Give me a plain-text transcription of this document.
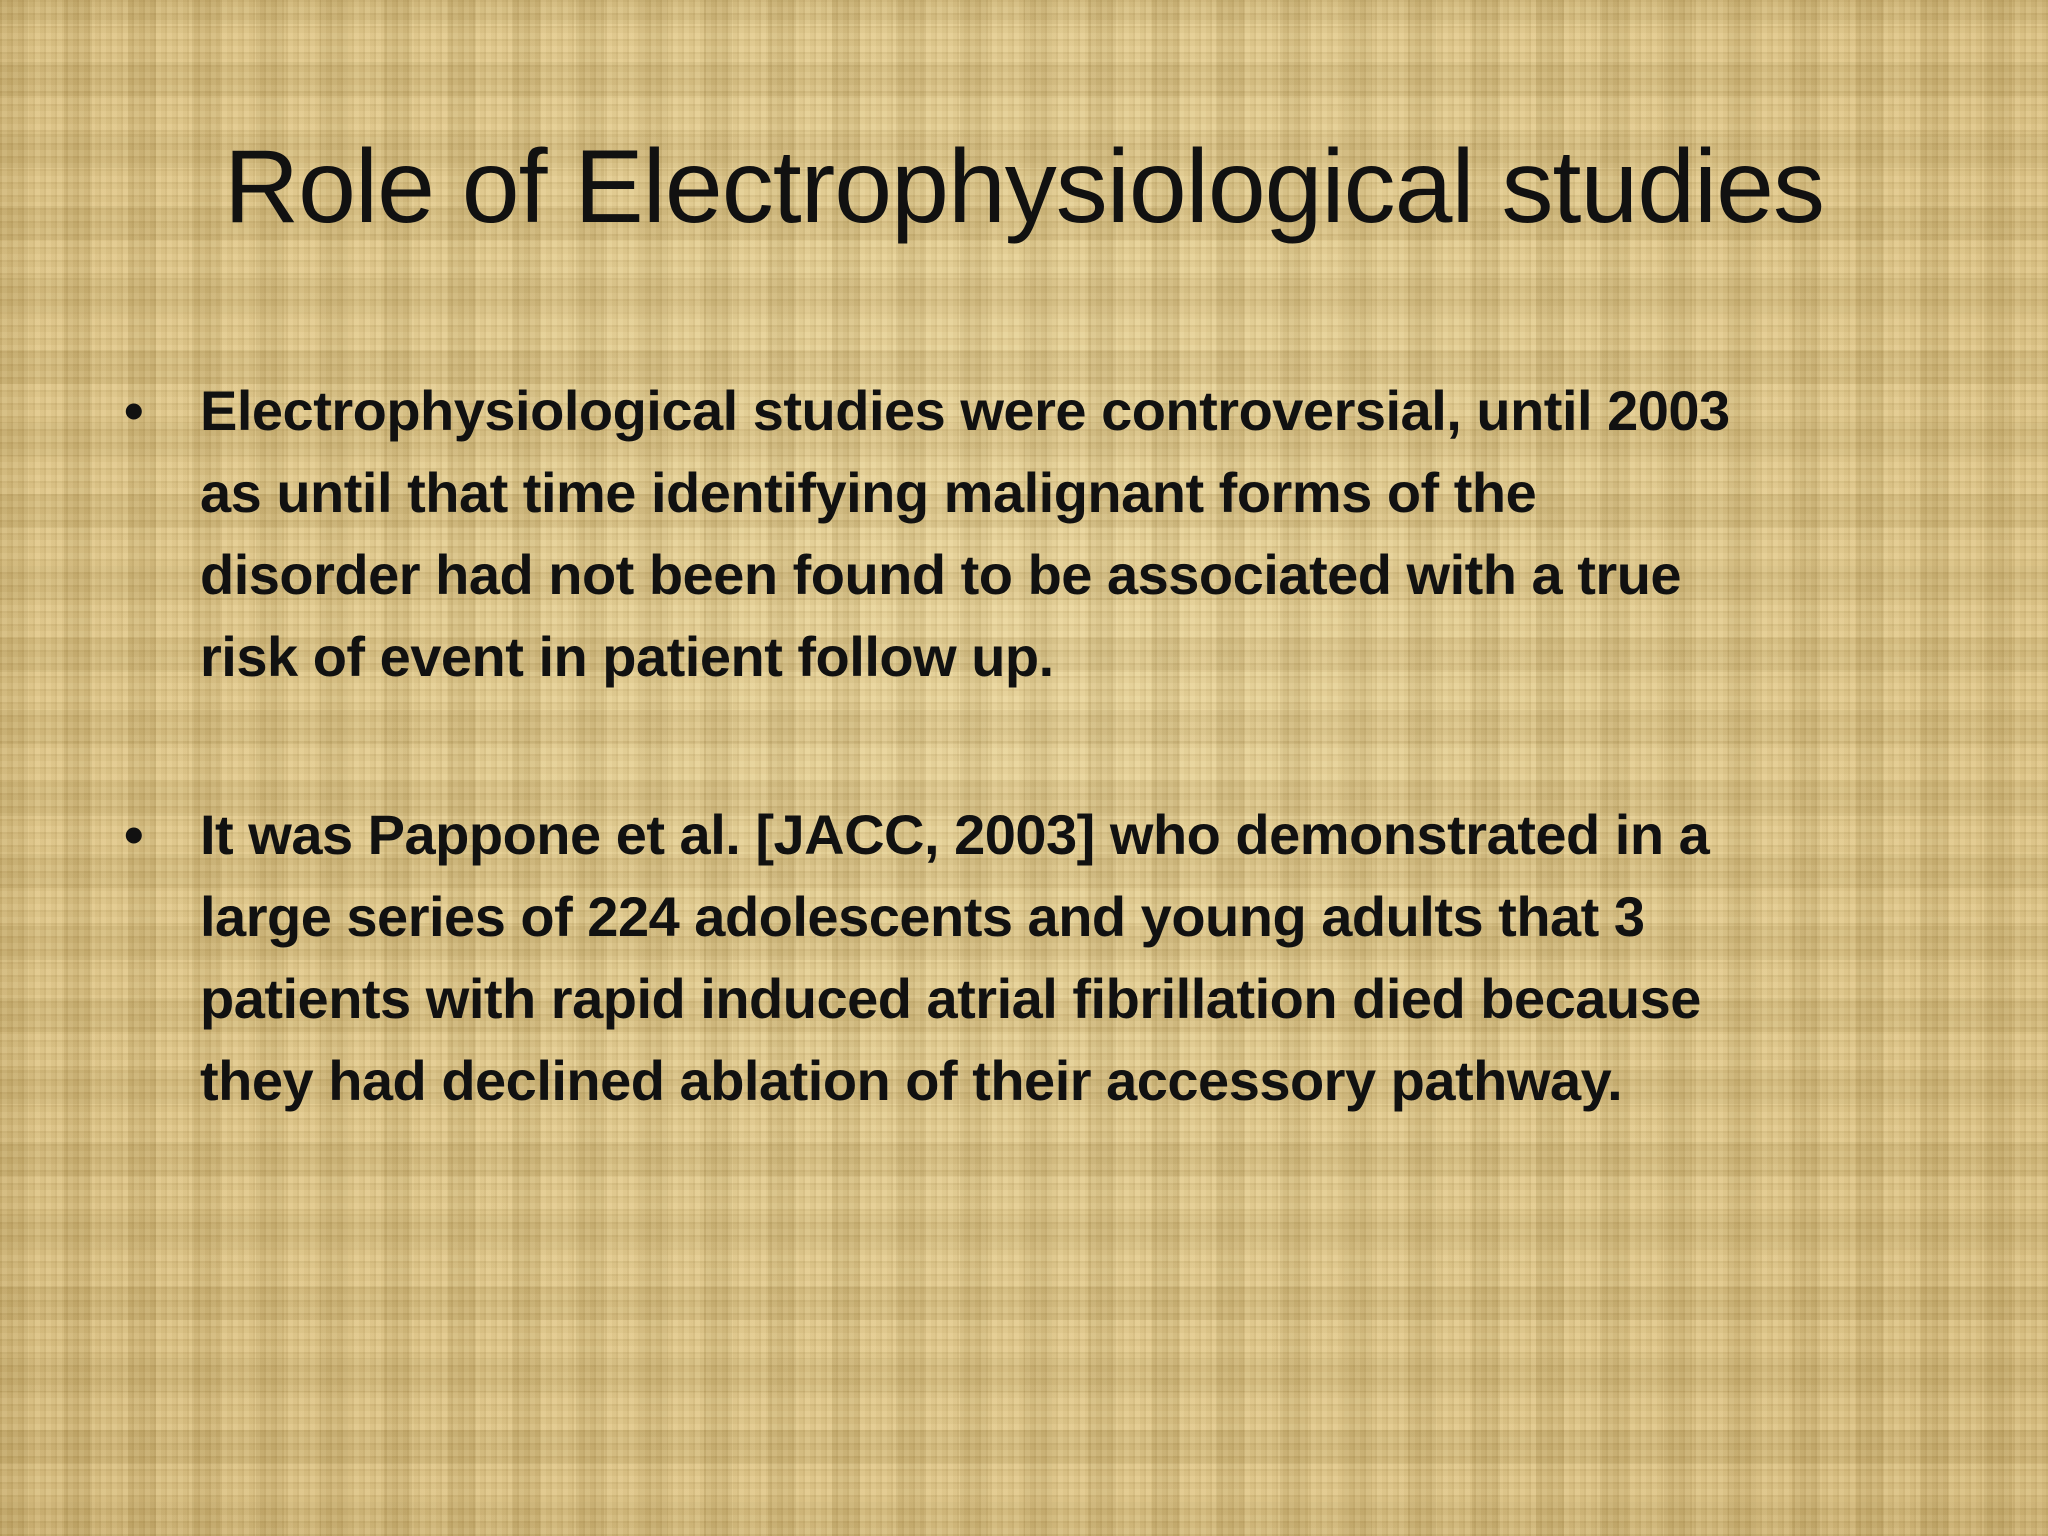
Role of Electrophysiological studies
• Electrophysiological studies were controversial, until 2003 as until that time identifying malignant forms of the disorder had not been found to be associated with a true risk of event in patient follow up.
• It was Pappone et al. [JACC, 2003] who demonstrated in a large series of 224 adolescents and young adults that 3 patients with rapid induced atrial fibrillation died because they had declined ablation of their accessory pathway.
